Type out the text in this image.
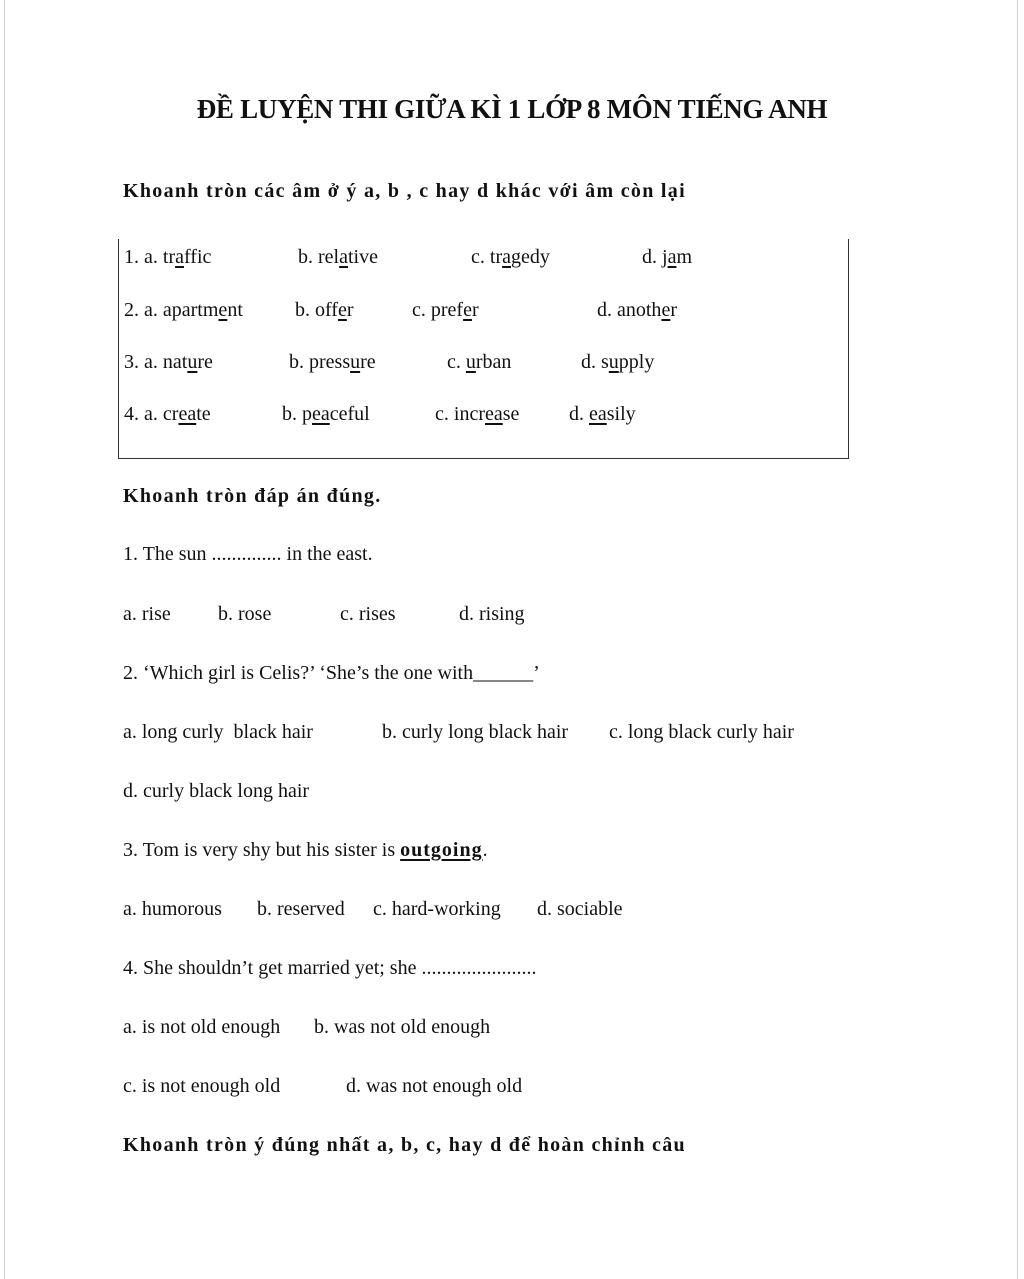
ĐỀ LUYỆN THI GIỮA KÌ 1 LỚP 8 MÔN TIẾNG ANH
Khoanh tròn các âm ở ý a, b , c hay d khác với âm còn lại
1. a. traffic	b. relative	c. tragedy	d. jam
2. a. apartment	b. offer	c. prefer	d. another
3. a. nature	b. pressure	c. urban	d. supply
4. a. create	b. peaceful	c. increase d. easily
Khoanh tròn đáp án đúng.
1. The sun .............. in the east.
a. rise b. rose	c. rises	d. rising
2. ‘Which girl is Celis?’ ‘She’s the one with______’
a. long curly  black hair	b. curly long black hair c. long black curly hair
d. curly black long hair
3. Tom is very shy but his sister is outgoing.
a. humorous b. reserved c. hard-working d. sociable
4. She shouldn’t get married yet; she .......................
a. is not old enough b. was not old enough
c. is not enough old	d. was not enough old
Khoanh tròn ý đúng nhất a, b, c, hay d để hoàn chỉnh câu
